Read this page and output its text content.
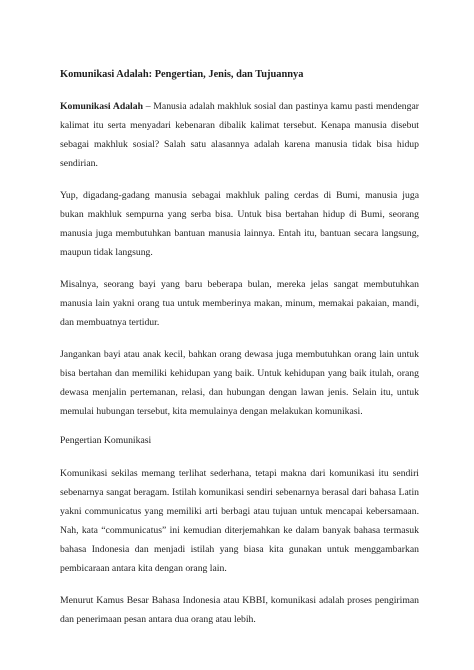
Komunikasi Adalah: Pengertian, Jenis, dan Tujuannya

Komunikasi Adalah – Manusia adalah makhluk sosial dan pastinya kamu pasti mendengar kalimat itu serta menyadari kebenaran dibalik kalimat tersebut. Kenapa manusia disebut sebagai makhluk sosial? Salah satu alasannya adalah karena manusia tidak bisa hidup sendirian.

Yup, digadang-gadang manusia sebagai makhluk paling cerdas di Bumi, manusia juga bukan makhluk sempurna yang serba bisa. Untuk bisa bertahan hidup di Bumi, seorang manusia juga membutuhkan bantuan manusia lainnya. Entah itu, bantuan secara langsung, maupun tidak langsung.

Misalnya, seorang bayi yang baru beberapa bulan, mereka jelas sangat membutuhkan manusia lain yakni orang tua untuk memberinya makan, minum, memakai pakaian, mandi, dan membuatnya tertidur.

Jangankan bayi atau anak kecil, bahkan orang dewasa juga membutuhkan orang lain untuk bisa bertahan dan memiliki kehidupan yang baik. Untuk kehidupan yang baik itulah, orang dewasa menjalin pertemanan, relasi, dan hubungan dengan lawan jenis. Selain itu, untuk memulai hubungan tersebut, kita memulainya dengan melakukan komunikasi.

Pengertian Komunikasi

Komunikasi sekilas memang terlihat sederhana, tetapi makna dari komunikasi itu sendiri sebenarnya sangat beragam. Istilah komunikasi sendiri sebenarnya berasal dari bahasa Latin yakni communicatus yang memiliki arti berbagi atau tujuan untuk mencapai kebersamaan. Nah, kata “communicatus” ini kemudian diterjemahkan ke dalam banyak bahasa termasuk bahasa Indonesia dan menjadi istilah yang biasa kita gunakan untuk menggambarkan pembicaraan antara kita dengan orang lain.

Menurut Kamus Besar Bahasa Indonesia atau KBBI, komunikasi adalah proses pengiriman dan penerimaan pesan antara dua orang atau lebih.
